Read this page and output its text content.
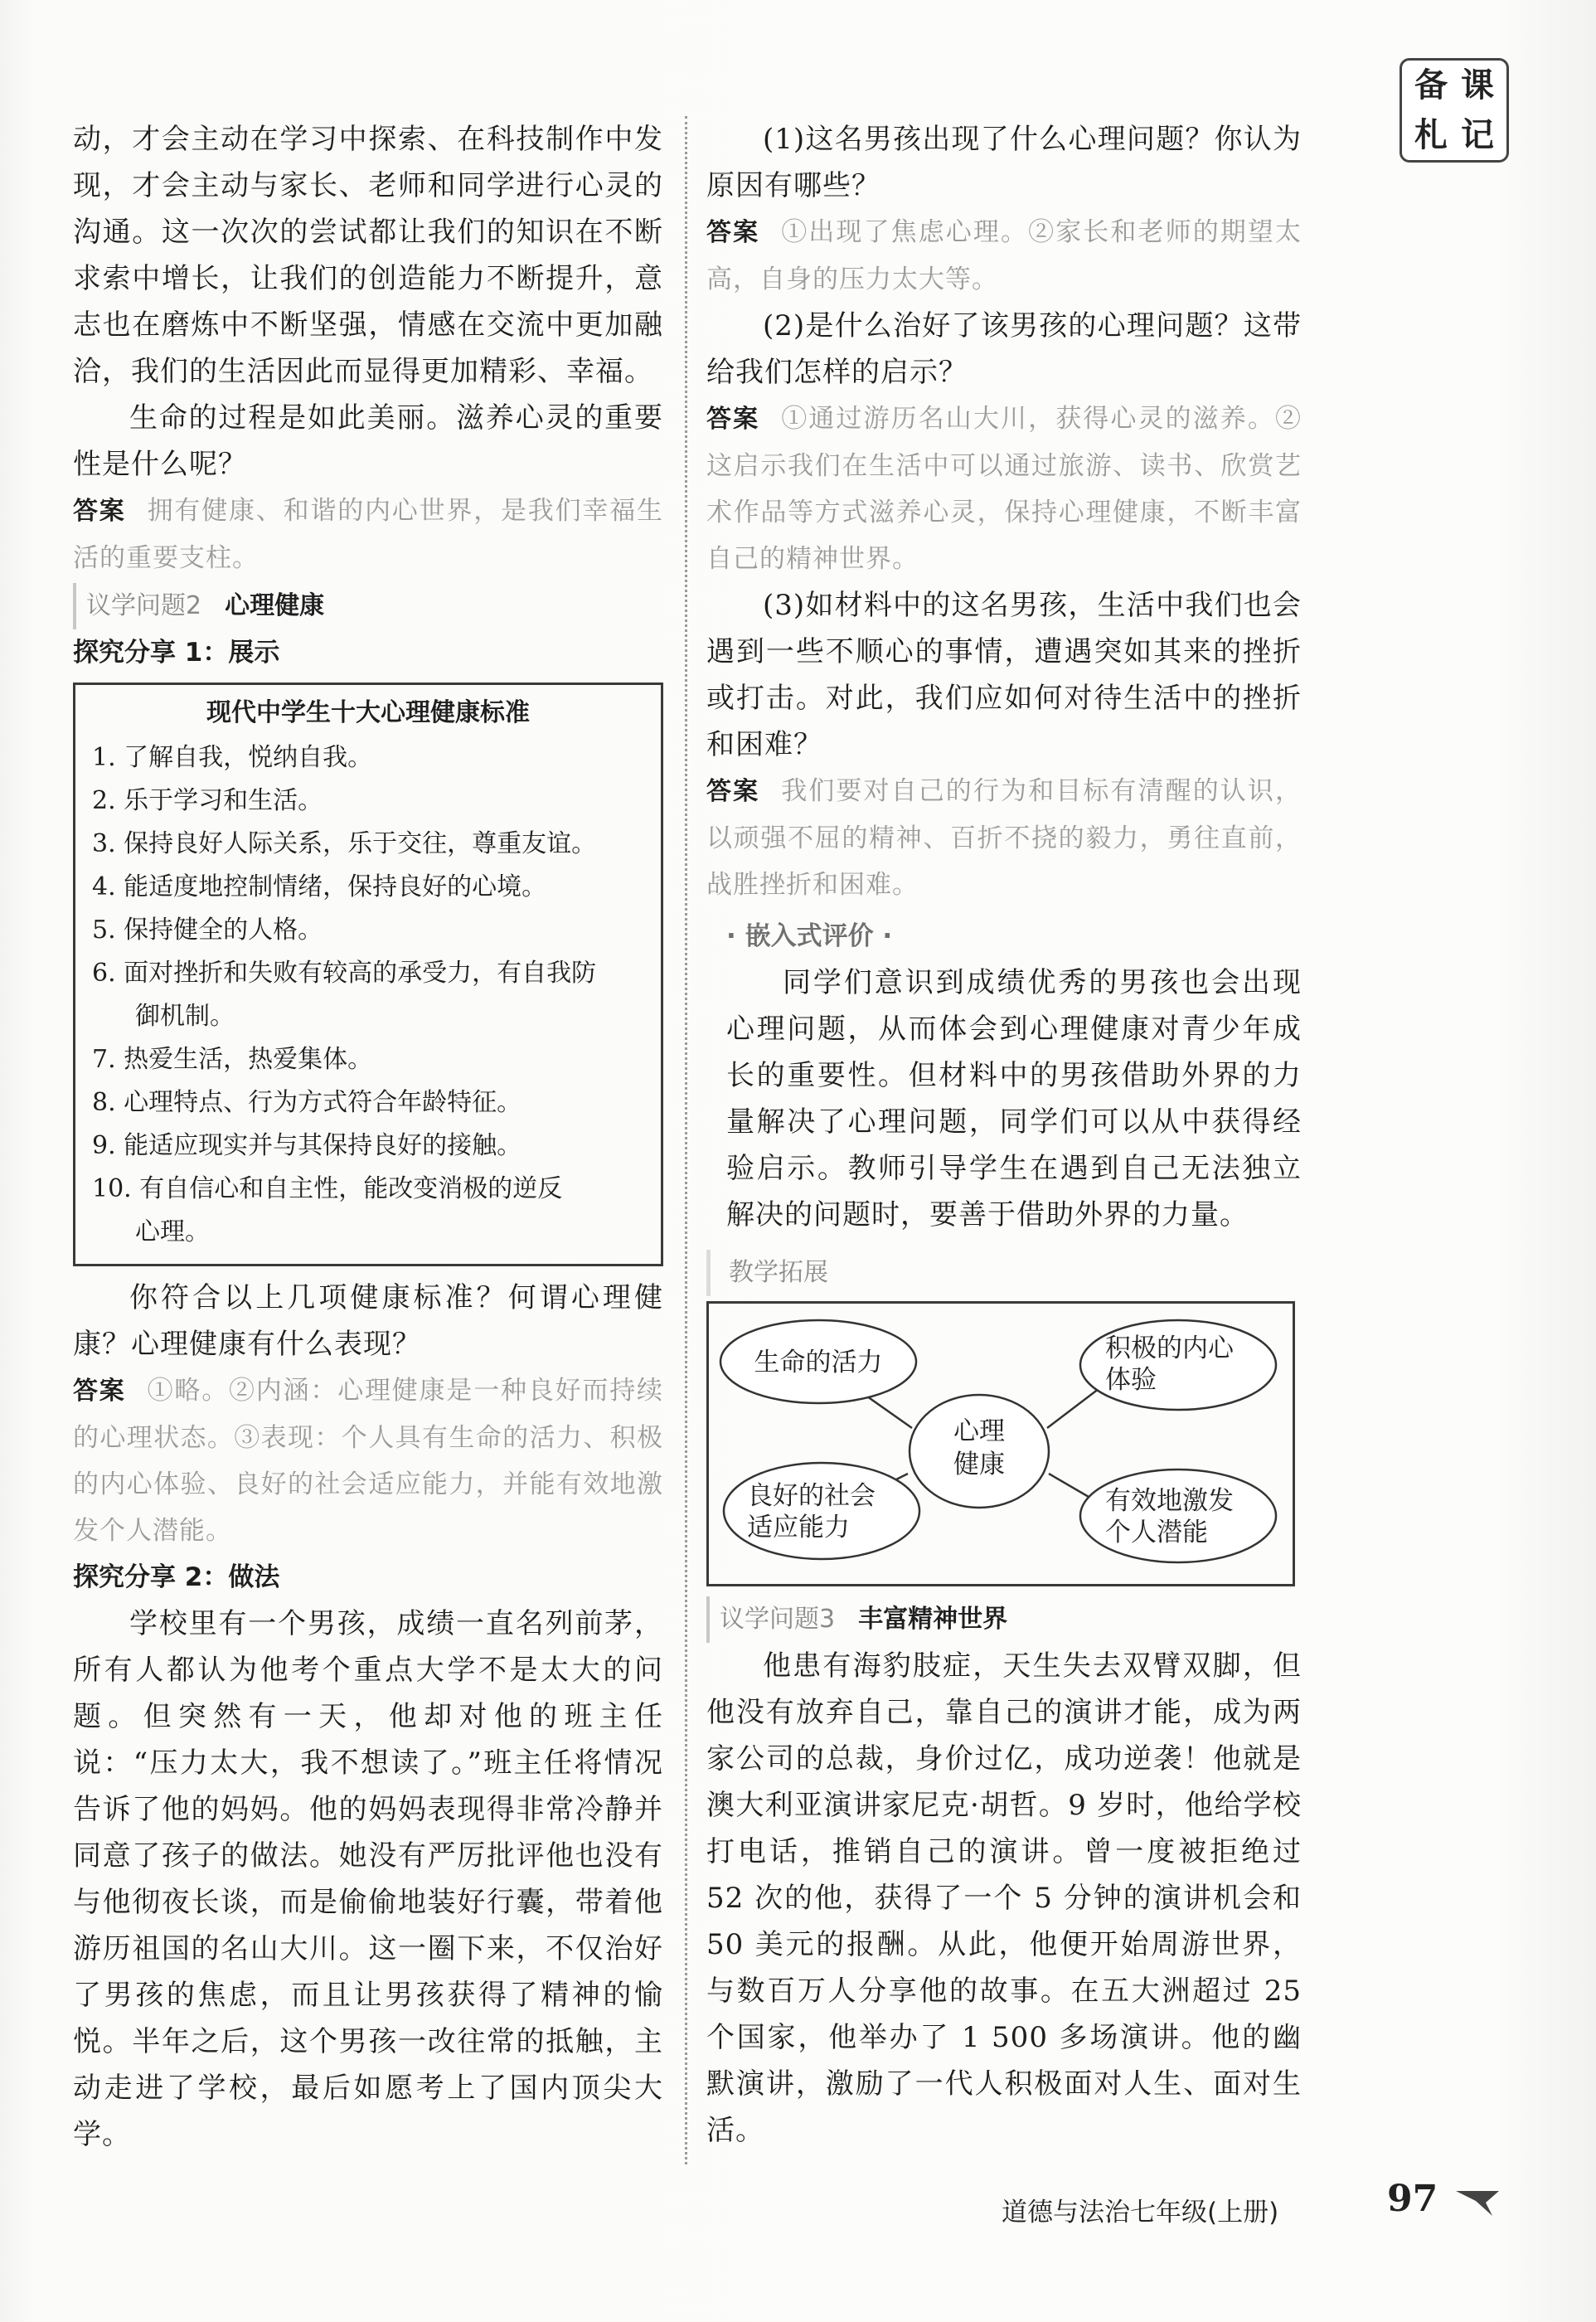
备 课
札 记

动，才会主动在学习中探索、在科技制作中发现，才会主动与家长、老师和同学进行心灵的沟通。这一次次的尝试都让我们的知识在不断求索中增长，让我们的创造能力不断提升，意志也在磨炼中不断坚强，情感在交流中更加融洽，我们的生活因此而显得更加精彩、幸福。

生命的过程是如此美丽。滋养心灵的重要性是什么呢？

答案 拥有健康、和谐的内心世界，是我们幸福生活的重要支柱。

议学问题2 心理健康

探究分享 1：展示

现代中学生十大心理健康标准

1. 了解自我，悦纳自我。

2. 乐于学习和生活。

3. 保持良好人际关系，乐于交往，尊重友谊。

4. 能适度地控制情绪，保持良好的心境。

5. 保持健全的人格。

6. 面对挫折和失败有较高的承受力，有自我防

御机制。

7. 热爱生活，热爱集体。

8. 心理特点、行为方式符合年龄特征。

9. 能适应现实并与其保持良好的接触。

10. 有自信心和自主性，能改变消极的逆反

心理。

你符合以上几项健康标准？何谓心理健康？心理健康有什么表现？

答案 ①略。②内涵：心理健康是一种良好而持续的心理状态。③表现：个人具有生命的活力、积极的内心体验、良好的社会适应能力，并能有效地激发个人潜能。

探究分享 2：做法

学校里有一个男孩，成绩一直名列前茅，所有人都认为他考个重点大学不是太大的问题。但突然有一天，他却对他的班主任说：“压力太大，我不想读了。”班主任将情况告诉了他的妈妈。他的妈妈表现得非常冷静并同意了孩子的做法。她没有严厉批评他也没有与他彻夜长谈，而是偷偷地装好行囊，带着他游历祖国的名山大川。这一圈下来，不仅治好了男孩的焦虑，而且让男孩获得了精神的愉悦。半年之后，这个男孩一改往常的抵触，主动走进了学校，最后如愿考上了国内顶尖大学。

(1)这名男孩出现了什么心理问题？你认为原因有哪些？

答案 ①出现了焦虑心理。②家长和老师的期望太高，自身的压力太大等。

(2)是什么治好了该男孩的心理问题？这带给我们怎样的启示？

答案 ①通过游历名山大川，获得心灵的滋养。②这启示我们在生活中可以通过旅游、读书、欣赏艺术作品等方式滋养心灵，保持心理健康，不断丰富自己的精神世界。

(3)如材料中的这名男孩，生活中我们也会遇到一些不顺心的事情，遭遇突如其来的挫折或打击。对此，我们应如何对待生活中的挫折和困难？

答案 我们要对自己的行为和目标有清醒的认识，以顽强不屈的精神、百折不挠的毅力，勇往直前，战胜挫折和困难。

· 嵌入式评价 ·

同学们意识到成绩优秀的男孩也会出现心理问题，从而体会到心理健康对青少年成长的重要性。但材料中的男孩借助外界的力量解决了心理问题，同学们可以从中获得经验启示。教师引导学生在遇到自己无法独立解决的问题时，要善于借助外界的力量。

教学拓展

生命的活力	积极的内心
体验
心理
健康
良好的社会
适应能力
有效地激发
个人潜能
议学问题3 丰富精神世界

他患有海豹肢症，天生失去双臂双脚，但他没有放弃自己，靠自己的演讲才能，成为两家公司的总裁，身价过亿，成功逆袭！他就是澳大利亚演讲家尼克·胡哲。9 岁时，他给学校打电话，推销自己的演讲。曾一度被拒绝过 52 次的他，获得了一个 5 分钟的演讲机会和 50 美元的报酬。从此，他便开始周游世界，与数百万人分享他的故事。在五大洲超过 25 个国家，他举办了 1 500 多场演讲。他的幽默演讲，激励了一代人积极面对人生、面对生活。

道德与法治七年级(上册)	97
